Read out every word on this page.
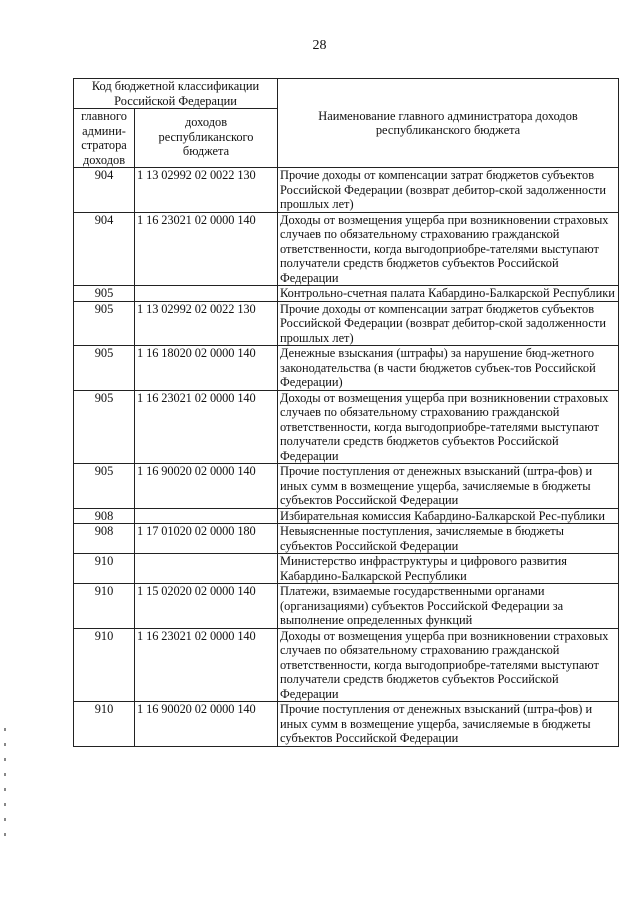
28
Код бюджетной классификации Российской Федерации		Наименование главного администратора доходов республиканского бюджета
главного админи-стратора доходов	доходов республиканского бюджета	
904	1 13 02992 02 0022 130	Прочие доходы от компенсации затрат бюджетов субъектов Российской Федерации (возврат дебитор-ской задолженности прошлых лет)
904	1 16 23021 02 0000 140	Доходы от возмещения ущерба при возникновении страховых случаев по обязательному страхованию гражданской ответственности, когда выгодоприобре-тателями выступают получатели средств бюджетов субъектов Российской Федерации
905		Контрольно-счетная палата Кабардино-Балкарской Республики
905	1 13 02992 02 0022 130	Прочие доходы от компенсации затрат бюджетов субъектов Российской Федерации (возврат дебитор-ской задолженности прошлых лет)
905	1 16 18020 02 0000 140	Денежные взыскания (штрафы) за нарушение бюд-жетного законодательства (в части бюджетов субъек-тов Российской Федерации)
905	1 16 23021 02 0000 140	Доходы от возмещения ущерба при возникновении страховых случаев по обязательному страхованию гражданской ответственности, когда выгодоприобре-тателями выступают получатели средств бюджетов субъектов Российской Федерации
905	1 16 90020 02 0000 140	Прочие поступления от денежных взысканий (штра-фов) и иных сумм в возмещение ущерба, зачисляемые в бюджеты субъектов Российской Федерации
908		Избирательная комиссия Кабардино-Балкарской Рес-публики
908	1 17 01020 02 0000 180	Невыясненные поступления, зачисляемые в бюджеты субъектов Российской Федерации
910		Министерство инфраструктуры и цифрового развития Кабардино-Балкарской Республики
910	1 15 02020 02 0000 140	Платежи, взимаемые государственными органами (организациями) субъектов Российской Федерации за выполнение определенных функций
910	1 16 23021 02 0000 140	Доходы от возмещения ущерба при возникновении страховых случаев по обязательному страхованию гражданской ответственности, когда выгодоприобре-тателями выступают получатели средств бюджетов субъектов Российской Федерации
910	1 16 90020 02 0000 140	Прочие поступления от денежных взысканий (штра-фов) и иных сумм в возмещение ущерба, зачисляемые в бюджеты субъектов Российской Федерации
